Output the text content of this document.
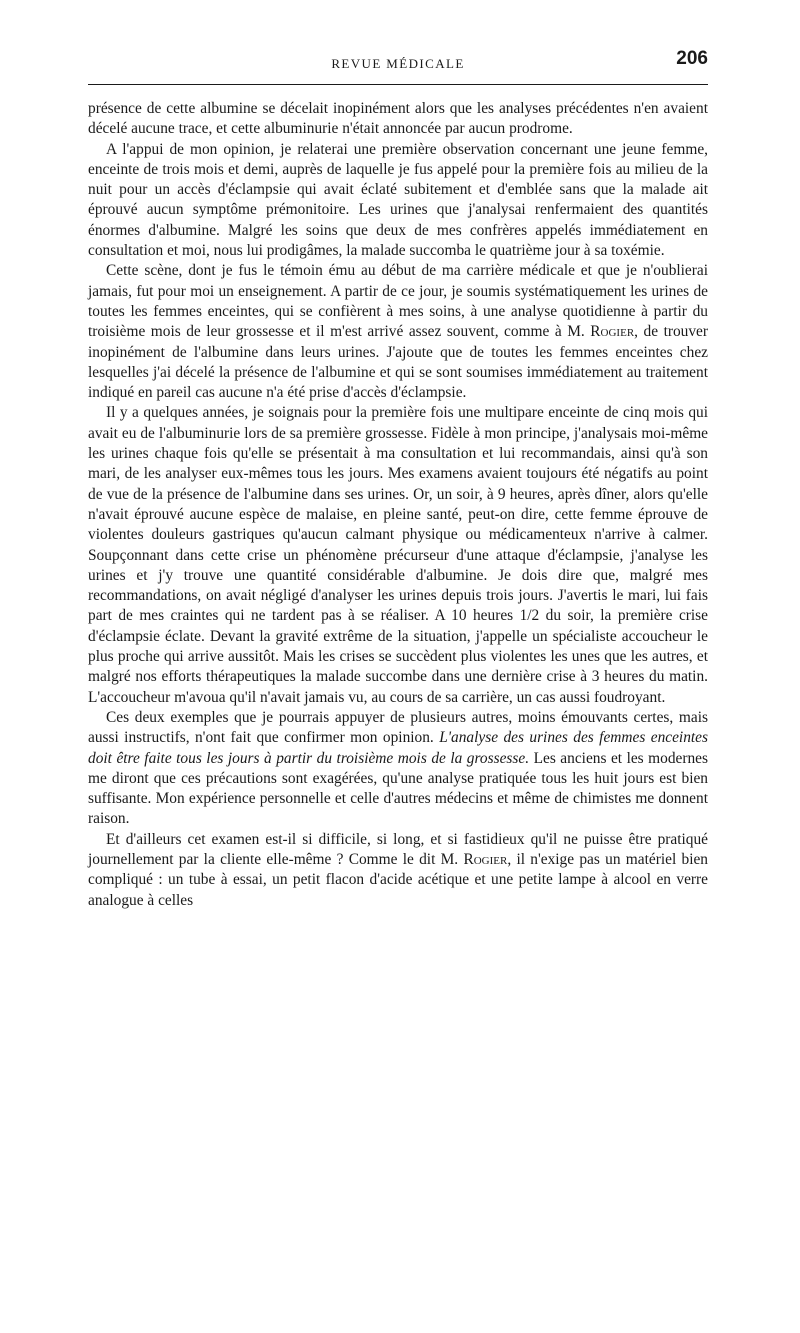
REVUE MÉDICALE	206

présence de cette albumine se décelait inopinément alors que les analyses précédentes n'en avaient décelé aucune trace, et cette albuminurie n'était annoncée par aucun prodrome.

A l'appui de mon opinion, je relaterai une première observation concernant une jeune femme, enceinte de trois mois et demi, auprès de laquelle je fus appelé pour la première fois au milieu de la nuit pour un accès d'éclampsie qui avait éclaté subitement et d'emblée sans que la malade ait éprouvé aucun symptôme prémonitoire. Les urines que j'analysai renfermaient des quantités énormes d'albumine. Malgré les soins que deux de mes confrères appelés immédiatement en consultation et moi, nous lui prodigâmes, la malade succomba le quatrième jour à sa toxémie.

Cette scène, dont je fus le témoin ému au début de ma carrière médicale et que je n'oublierai jamais, fut pour moi un enseignement. A partir de ce jour, je soumis systématiquement les urines de toutes les femmes enceintes, qui se confièrent à mes soins, à une analyse quotidienne à partir du troisième mois de leur grossesse et il m'est arrivé assez souvent, comme à M. Rogier, de trouver inopinément de l'albumine dans leurs urines. J'ajoute que de toutes les femmes enceintes chez lesquelles j'ai décelé la présence de l'albumine et qui se sont soumises immédiatement au traitement indiqué en pareil cas aucune n'a été prise d'accès d'éclampsie.

Il y a quelques années, je soignais pour la première fois une multipare enceinte de cinq mois qui avait eu de l'albuminurie lors de sa première grossesse. Fidèle à mon principe, j'analysais moi-même les urines chaque fois qu'elle se présentait à ma consultation et lui recommandais, ainsi qu'à son mari, de les analyser eux-mêmes tous les jours. Mes examens avaient toujours été négatifs au point de vue de la présence de l'albumine dans ses urines. Or, un soir, à 9 heures, après dîner, alors qu'elle n'avait éprouvé aucune espèce de malaise, en pleine santé, peut-on dire, cette femme éprouve de violentes douleurs gastriques qu'aucun calmant physique ou médicamenteux n'arrive à calmer. Soupçonnant dans cette crise un phénomène précurseur d'une attaque d'éclampsie, j'analyse les urines et j'y trouve une quantité considérable d'albumine. Je dois dire que, malgré mes recommandations, on avait négligé d'analyser les urines depuis trois jours. J'avertis le mari, lui fais part de mes craintes qui ne tardent pas à se réaliser. A 10 heures 1/2 du soir, la première crise d'éclampsie éclate. Devant la gravité extrême de la situation, j'appelle un spécialiste accoucheur le plus proche qui arrive aussitôt. Mais les crises se succèdent plus violentes les unes que les autres, et malgré nos efforts thérapeutiques la malade succombe dans une dernière crise à 3 heures du matin. L'accoucheur m'avoua qu'il n'avait jamais vu, au cours de sa carrière, un cas aussi foudroyant.

Ces deux exemples que je pourrais appuyer de plusieurs autres, moins émouvants certes, mais aussi instructifs, n'ont fait que confirmer mon opinion. L'analyse des urines des femmes enceintes doit être faite tous les jours à partir du troisième mois de la grossesse. Les anciens et les modernes me diront que ces précautions sont exagérées, qu'une analyse pratiquée tous les huit jours est bien suffisante. Mon expérience personnelle et celle d'autres médecins et même de chimistes me donnent raison.

Et d'ailleurs cet examen est-il si difficile, si long, et si fastidieux qu'il ne puisse être pratiqué journellement par la cliente elle-même ? Comme le dit M. Rogier, il n'exige pas un matériel bien compliqué : un tube à essai, un petit flacon d'acide acétique et une petite lampe à alcool en verre analogue à celles
